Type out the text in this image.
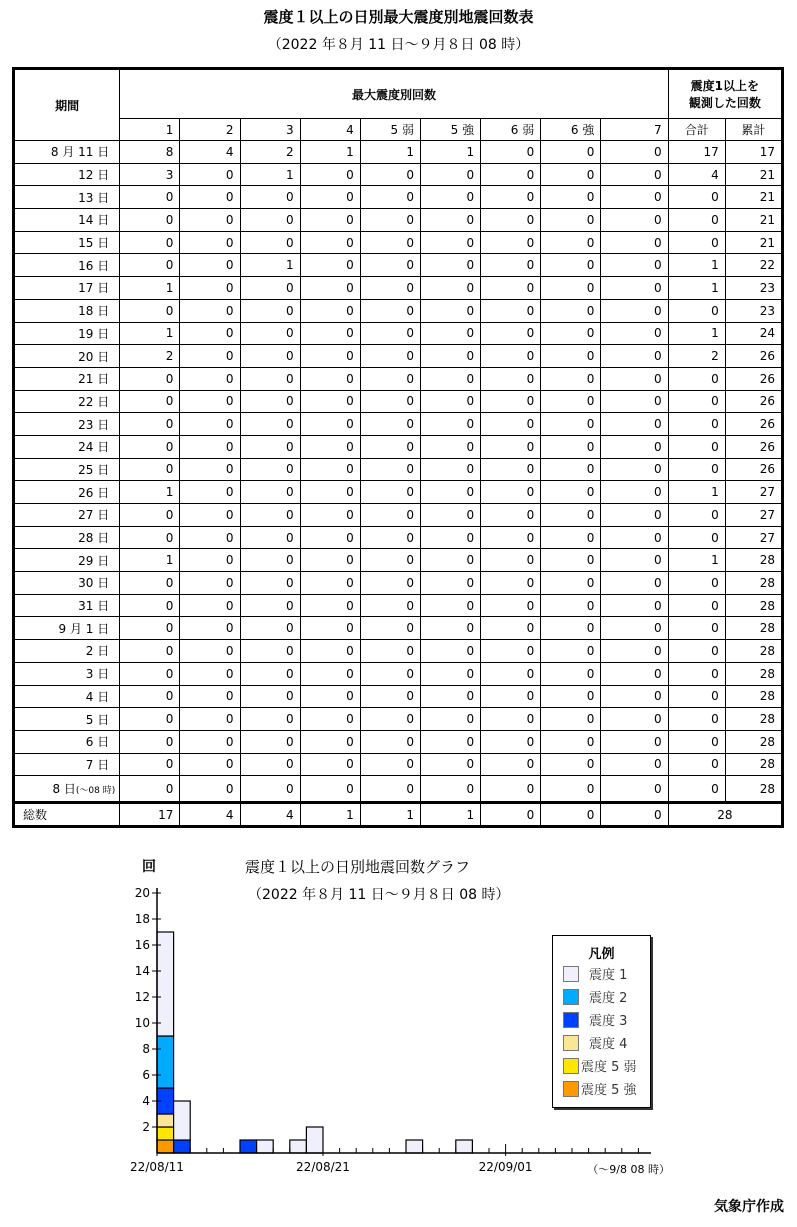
震度１以上の日別最大震度別地震回数表
（2022 年８月 11 日～９月８日 08 時）
期間	最大震度別回数									震度1以上を
観測した回数	

	1	2	3	4	5 弱	5 強	6 弱	6 強	7	合計	累計
8 月 11 日	8	4	2	1	1	1	0	0	0	17	17
12 日	3	0	1	0	0	0	0	0	0	4	21
13 日	0	0	0	0	0	0	0	0	0	0	21
14 日	0	0	0	0	0	0	0	0	0	0	21
15 日	0	0	0	0	0	0	0	0	0	0	21
16 日	0	0	1	0	0	0	0	0	0	1	22
17 日	1	0	0	0	0	0	0	0	0	1	23
18 日	0	0	0	0	0	0	0	0	0	0	23
19 日	1	0	0	0	0	0	0	0	0	1	24
20 日	2	0	0	0	0	0	0	0	0	2	26
21 日	0	0	0	0	0	0	0	0	0	0	26
22 日	0	0	0	0	0	0	0	0	0	0	26
23 日	0	0	0	0	0	0	0	0	0	0	26
24 日	0	0	0	0	0	0	0	0	0	0	26
25 日	0	0	0	0	0	0	0	0	0	0	26
26 日	1	0	0	0	0	0	0	0	0	1	27
27 日	0	0	0	0	0	0	0	0	0	0	27
28 日	0	0	0	0	0	0	0	0	0	0	27
29 日	1	0	0	0	0	0	0	0	0	1	28
30 日	0	0	0	0	0	0	0	0	0	0	28
31 日	0	0	0	0	0	0	0	0	0	0	28
9 月 1 日	0	0	0	0	0	0	0	0	0	0	28
2 日	0	0	0	0	0	0	0	0	0	0	28
3 日	0	0	0	0	0	0	0	0	0	0	28
4 日	0	0	0	0	0	0	0	0	0	0	28
5 日	0	0	0	0	0	0	0	0	0	0	28
6 日	0	0	0	0	0	0	0	0	0	0	28
7 日	0	0	0	0	0	0	0	0	0	0	28
8 日(～08 時)	0	0	0	0	0	0	0	0	0	0	28
総数	17	4	4	1	1	1	0	0	0	28	
回	震度１以上の日別地震回数グラフ
（2022 年８月 11 日～９月８日 08 時）
2
4
6
8
10
12
14
16
18
20
22/08/11	22/08/21	22/09/01	（～9/8 08 時）
凡例
震度 1
震度 2
震度 3
震度 4
震度 5 弱
震度 5 強
気象庁作成
